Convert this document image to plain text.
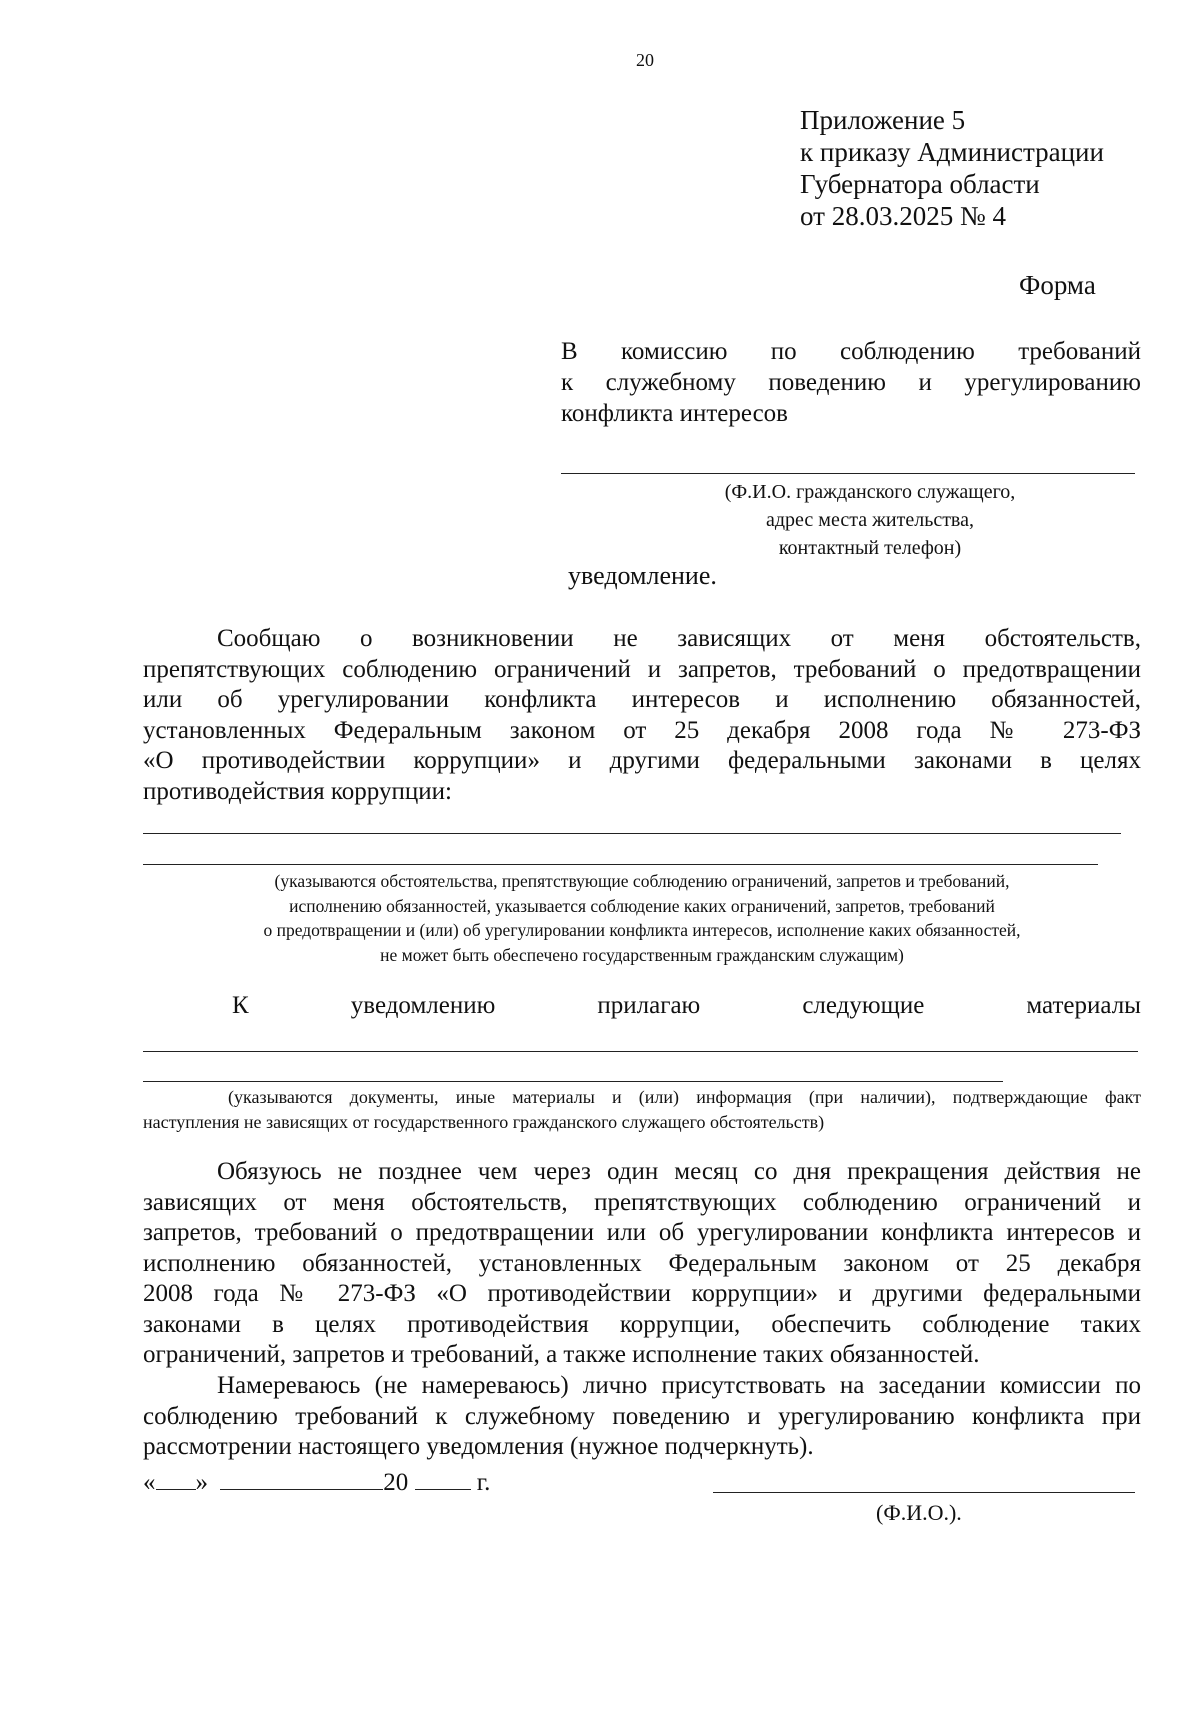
20
Приложение 5
к приказу Администрации
Губернатора области
от 28.03.2025 № 4
Форма
В комиссию по соблюдению требований
к служебному поведению и урегулированию
конфликта интересов
(Ф.И.О. гражданского служащего,
адрес места жительства,
контактный телефон)
уведомление.
Сообщаю о возникновении не зависящих от меня обстоятельств,
препятствующих соблюдению ограничений и запретов, требований о предотвращении
или об урегулировании конфликта интересов и исполнению обязанностей,
установленных Федеральным законом от 25 декабря 2008 года № 273-ФЗ
«О противодействии коррупции» и другими федеральными законами в целях
противодействия коррупции:
(указываются обстоятельства, препятствующие соблюдению ограничений, запретов и требований,
исполнению обязанностей, указывается соблюдение каких ограничений, запретов, требований
о предотвращении и (или) об урегулировании конфликта интересов, исполнение каких обязанностей,
не может быть обеспечено государственным гражданским служащим)
К	уведомлению	прилагаю	следующие	материалы
(указываются документы, иные материалы и (или) информация (при наличии), подтверждающие факт
наступления не зависящих от государственного гражданского служащего обстоятельств)
Обязуюсь не позднее чем через один месяц со дня прекращения действия не
зависящих от меня обстоятельств, препятствующих соблюдению ограничений и
запретов, требований о предотвращении или об урегулировании конфликта интересов и
исполнению обязанностей, установленных Федеральным законом от 25 декабря
2008 года № 273-ФЗ «О противодействии коррупции» и другими федеральными
законами в целях противодействия коррупции, обеспечить соблюдение таких
ограничений, запретов и требований, а также исполнение таких обязанностей.
Намереваюсь (не намереваюсь) лично присутствовать на заседании комиссии по
соблюдению требований к служебному поведению и урегулированию конфликта при
рассмотрении настоящего уведомления (нужное подчеркнуть).
« »	20	г.
(Ф.И.О.).
